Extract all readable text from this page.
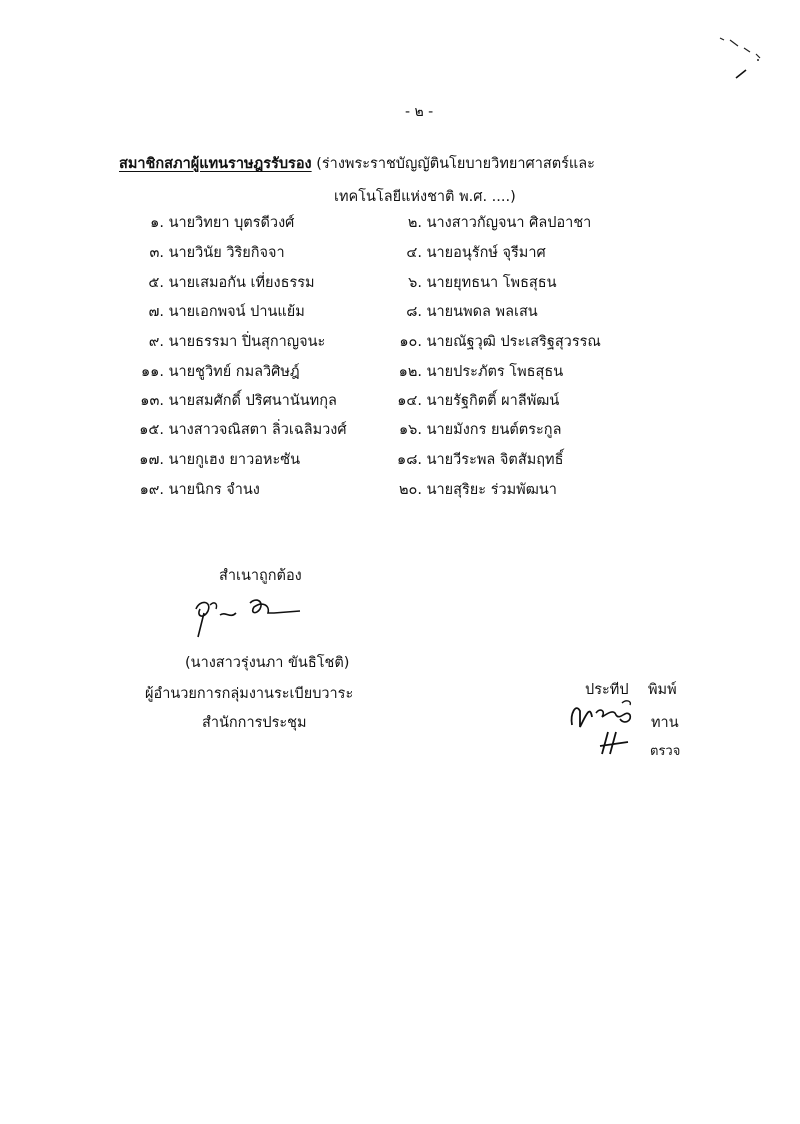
- ๒ -
สมาชิกสภาผู้แทนราษฎรรับรอง (ร่างพระราชบัญญัตินโยบายวิทยาศาสตร์และ
เทคโนโลยีแห่งชาติ พ.ศ. ....)
๑. นายวิทยา บุตรดีวงศ์	๒. นางสาวกัญจนา ศิลปอาชา
๓. นายวินัย วิริยกิจจา	๔. นายอนุรักษ์ จุรีมาศ
๕. นายเสมอกัน เที่ยงธรรม	๖. นายยุทธนา โพธสุธน
๗. นายเอกพจน์ ปานแย้ม	๘. นายนพดล พลเสน
๙. นายธรรมา ปิ่นสุกาญจนะ	๑๐. นายณัฐวุฒิ ประเสริฐสุวรรณ
๑๑. นายชูวิทย์ กมลวิศิษฎ์	๑๒. นายประภัตร โพธสุธน
๑๓. นายสมศักดิ์ ปริศนานันทกุล	๑๔. นายรัฐกิตติ์ ผาลีพัฒน์
๑๕. นางสาวจณิสตา ลิ่วเฉลิมวงศ์	๑๖. นายมังกร ยนต์ตระกูล
๑๗. นายกูเฮง ยาวอหะซัน	๑๘. นายวีระพล จิตสัมฤทธิ์
๑๙. นายนิกร จำนง	๒๐. นายสุริยะ ร่วมพัฒนา
สำเนาถูกต้อง
(นางสาวรุ่งนภา ขันธิโชติ)
ผู้อำนวยการกลุ่มงานระเบียบวาระ
สำนักการประชุม
ประทีป พิมพ์
ทาน
ตรวจ
